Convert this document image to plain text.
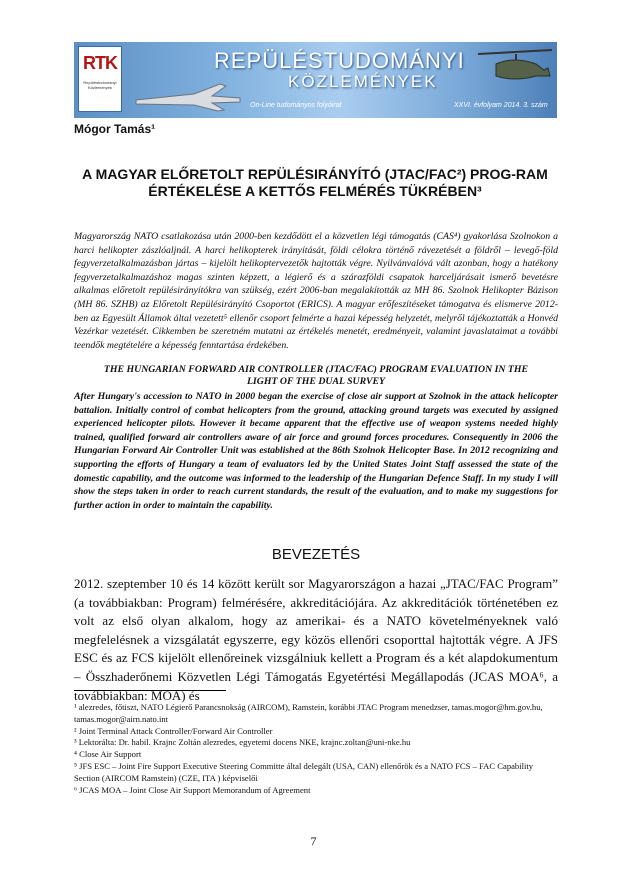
RTK
Repüléstudományi Közlemények
REPÜLÉSTUDOMÁNYI
KÖZLEMÉNYEK
On-Line tudományos folyóirat	XXVI. évfolyam 2014. 3. szám
Mógor Tamás¹
A MAGYAR ELŐRETOLT REPÜLÉSIRÁNYÍTÓ (JTAC/FAC²) PROG-RAM ÉRTÉKELÉSE A KETTŐS FELMÉRÉS TÜKRÉBEN³
Magyarország NATO csatlakozása után 2000-ben kezdődött el a közvetlen légi támogatás (CAS⁴) gyakorlása Szolnokon a harci helikopter zászlóaljnál. A harci helikopterek irányítását, földi célokra történő rávezetését a földről – levegő-föld fegyverzetalkalmazásban jártas – kijelölt helikoptervezetők hajtották végre. Nyilvánvalóvá vált azonban, hogy a hatékony fegyverzetalkalmazáshoz magas szinten képzett, a légierő és a szárazföldi csapatok harceljárásait ismerő bevetésre alkalmas előretolt repülésirányítókra van szükség, ezért 2006-ban megalakították az MH 86. Szolnok Helikopter Bázison (MH 86. SZHB) az Előretolt Repülésirányító Csoportot (ERICS). A magyar erőfeszítéseket támogatva és elismerve 2012-ben az Egyesült Államok által vezetett⁵ ellenőr csoport felmérte a hazai képesség helyzetét, melyről tájékoztatták a Honvéd Vezérkar vezetését. Cikkemben be szeretném mutatni az értékelés menetét, eredményeit, valamint javaslataimat a további teendők megtételére a képesség fenntartása érdekében.
THE HUNGARIAN FORWARD AIR CONTROLLER (JTAC/FAC) PROGRAM EVALUATION IN THE
LIGHT OF THE DUAL SURVEY
After Hungary's accession to NATO in 2000 began the exercise of close air support at Szolnok in the attack helicopter battalion. Initially control of combat helicopters from the ground, attacking ground targets was executed by assigned experienced helicopter pilots. However it became apparent that the effective use of weapon systems needed highly trained, qualified forward air controllers aware of air force and ground forces procedures. Consequently in 2006 the Hungarian Forward Air Controller Unit was established at the 86th Szolnok Helicopter Base. In 2012 recognizing and supporting the efforts of Hungary a team of evaluators led by the United States Joint Staff assessed the state of the domestic capability, and the outcome was informed to the leadership of the Hungarian Defence Staff. In my study I will show the steps taken in order to reach current standards, the result of the evaluation, and to make my suggestions for further action in order to maintain the capability.
BEVEZETÉS
2012. szeptember 10 és 14 között került sor Magyarországon a hazai „JTAC/FAC Program” (a továbbiakban: Program) felmérésére, akkreditációjára. Az akkreditációk történetében ez volt az első olyan alkalom, hogy az amerikai- és a NATO követelményeknek való megfelelésnek a vizsgálatát egyszerre, egy közös ellenőri csoporttal hajtották végre. A JFS ESC és az FCS kijelölt ellenőreinek vizsgálniuk kellett a Program és a két alapdokumentum – Összhaderőnemi Közvetlen Légi Támogatás Egyetértési Megállapodás (JCAS MOA⁶, a továbbiakban: MOA) és
¹ alezredes, főtiszt, NATO Légierő Parancsnokság (AIRCOM), Ramstein, korábbi JTAC Program menedzser, tamas.mogor@hm.gov.hu, tamas.mogor@airn.nato.int
² Joint Terminal Attack Controller/Forward Air Controller
³ Lektorálta: Dr. habil. Krajnc Zoltán alezredes, egyetemi docens NKE, krajnc.zoltan@uni-nke.hu
⁴ Close Air Support
⁵ JFS ESC – Joint Fire Support Executive Steering Committe által delegált (USA, CAN) ellenőrök és a NATO FCS – FAC Capability Section (AIRCOM Ramstein) (CZE, ITA ) képviselői
⁶ JCAS MOA – Joint Close Air Support Memorandum of Agreement
7
